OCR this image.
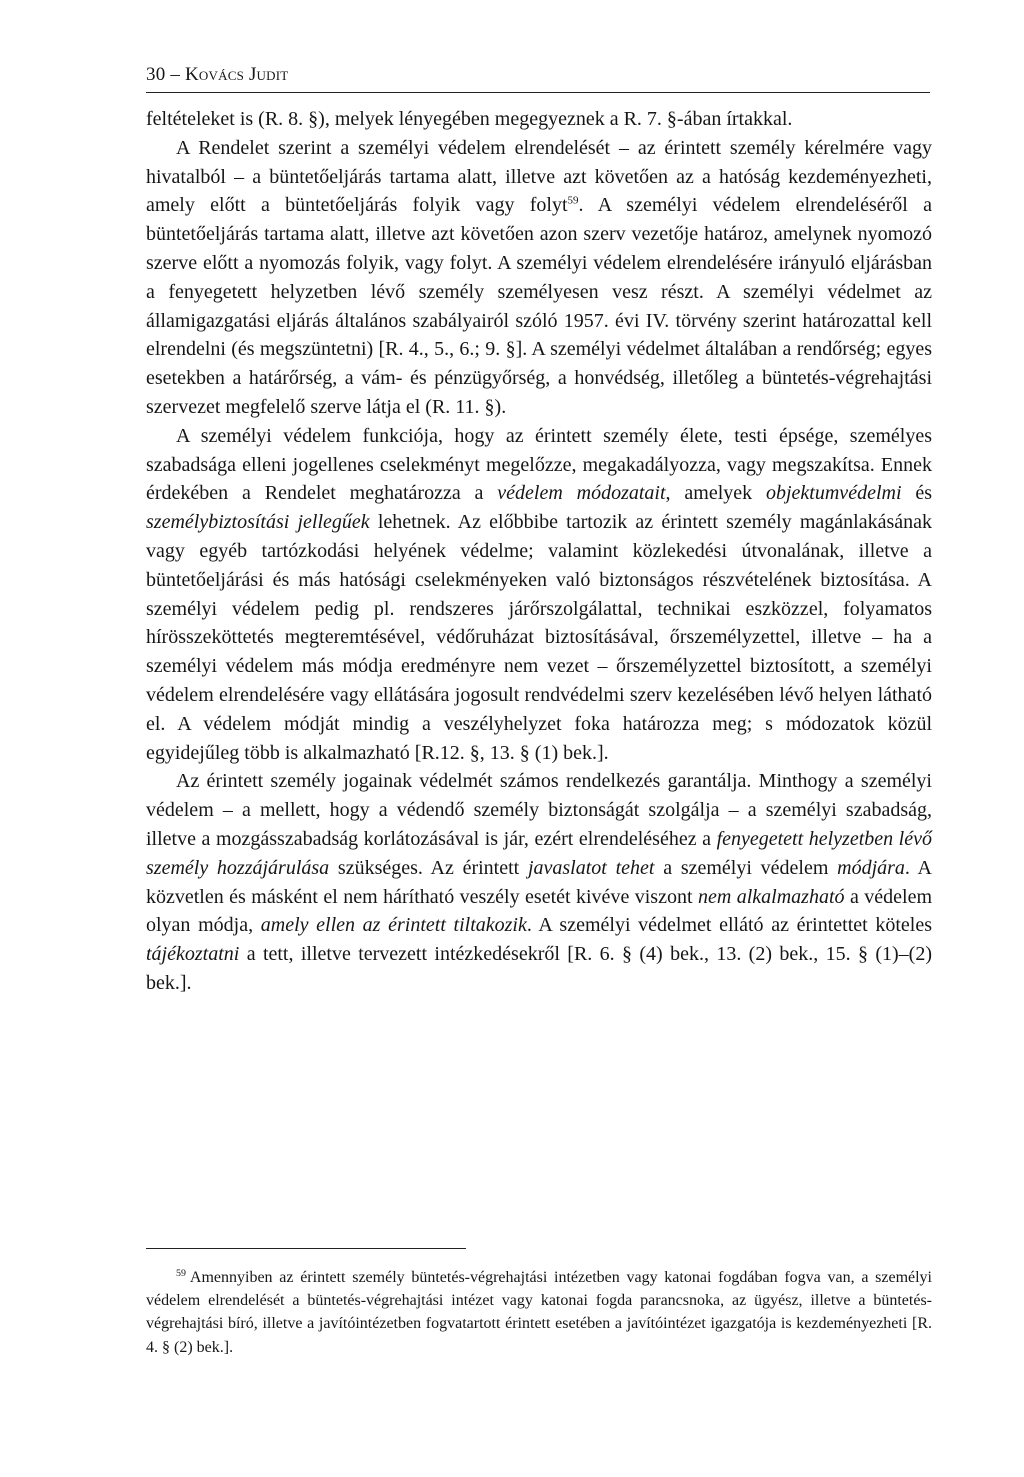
30 – Kovács Judit

feltételeket is (R. 8. §), melyek lényegében megegyeznek a R. 7. §-ában írtakkal.

A Rendelet szerint a személyi védelem elrendelését – az érintett személy kérelmére vagy hivatalból – a büntetőeljárás tartama alatt, illetve azt követően az a hatóság kezdeményezheti, amely előtt a büntetőeljárás folyik vagy folyt$^{59}$. A személyi védelem elrendeléséről a büntetőeljárás tartama alatt, illetve azt követően azon szerv vezetője határoz, amelynek nyomozó szerve előtt a nyomozás folyik, vagy folyt. A személyi védelem elrendelésére irányuló eljárásban a fenyegetett helyzetben lévő személy személyesen vesz részt. A személyi védelmet az államigazgatási eljárás általános szabályairól szóló 1957. évi IV. törvény szerint határozattal kell elrendelni (és megszüntetni) [R. 4., 5., 6.; 9. §]. A személyi védelmet általában a rendőrség; egyes esetekben a határőrség, a vám- és pénzügyőrség, a honvédség, illetőleg a büntetés-végrehajtási szervezet megfelelő szerve látja el (R. 11. §).

A személyi védelem funkciója, hogy az érintett személy élete, testi épsége, személyes szabadsága elleni jogellenes cselekményt megelőzze, megakadályozza, vagy megszakítsa. Ennek érdekében a Rendelet meghatározza a védelem módozatait, amelyek objektumvédelmi és személybiztosítási jellegűek lehetnek. Az előbbibe tartozik az érintett személy magánlakásának vagy egyéb tartózkodási helyének védelme; valamint közlekedési útvonalának, illetve a büntetőeljárási és más hatósági cselekményeken való biztonságos részvételének biztosítása. A személyi védelem pedig pl. rendszeres járőrszolgálattal, technikai eszközzel, folyamatos hírösszeköttetés megteremtésével, védőruházat biztosításával, őrszemélyzettel, illetve – ha a személyi védelem más módja eredményre nem vezet – őrszemélyzettel biztosított, a személyi védelem elrendelésére vagy ellátására jogosult rendvédelmi szerv kezelésében lévő helyen látható el. A védelem módját mindig a veszélyhelyzet foka határozza meg; s módozatok közül egyidejűleg több is alkalmazható [R.12. §, 13. § (1) bek.].

Az érintett személy jogainak védelmét számos rendelkezés garantálja. Minthogy a személyi védelem – a mellett, hogy a védendő személy biztonságát szolgálja – a személyi szabadság, illetve a mozgásszabadság korlátozásával is jár, ezért elrendeléséhez a fenyegetett helyzetben lévő személy hozzájárulása szükséges. Az érintett javaslatot tehet a személyi védelem módjára. A közvetlen és másként el nem hárítható veszély esetét kivéve viszont nem alkalmazható a védelem olyan módja, amely ellen az érintett tiltakozik. A személyi védelmet ellátó az érintettet köteles tájékoztatni a tett, illetve tervezett intézkedésekről [R. 6. § (4) bek., 13. (2) bek., 15. § (1)–(2) bek.].

$^{59}$ Amennyiben az érintett személy büntetés-végrehajtási intézetben vagy katonai fogdában fogva van, a személyi védelem elrendelését a büntetés-végrehajtási intézet vagy katonai fogda parancsnoka, az ügyész, illetve a büntetés-végrehajtási bíró, illetve a javítóintézetben fogvatartott érintett esetében a javítóintézet igazgatója is kezdeményezheti [R. 4. § (2) bek.].
